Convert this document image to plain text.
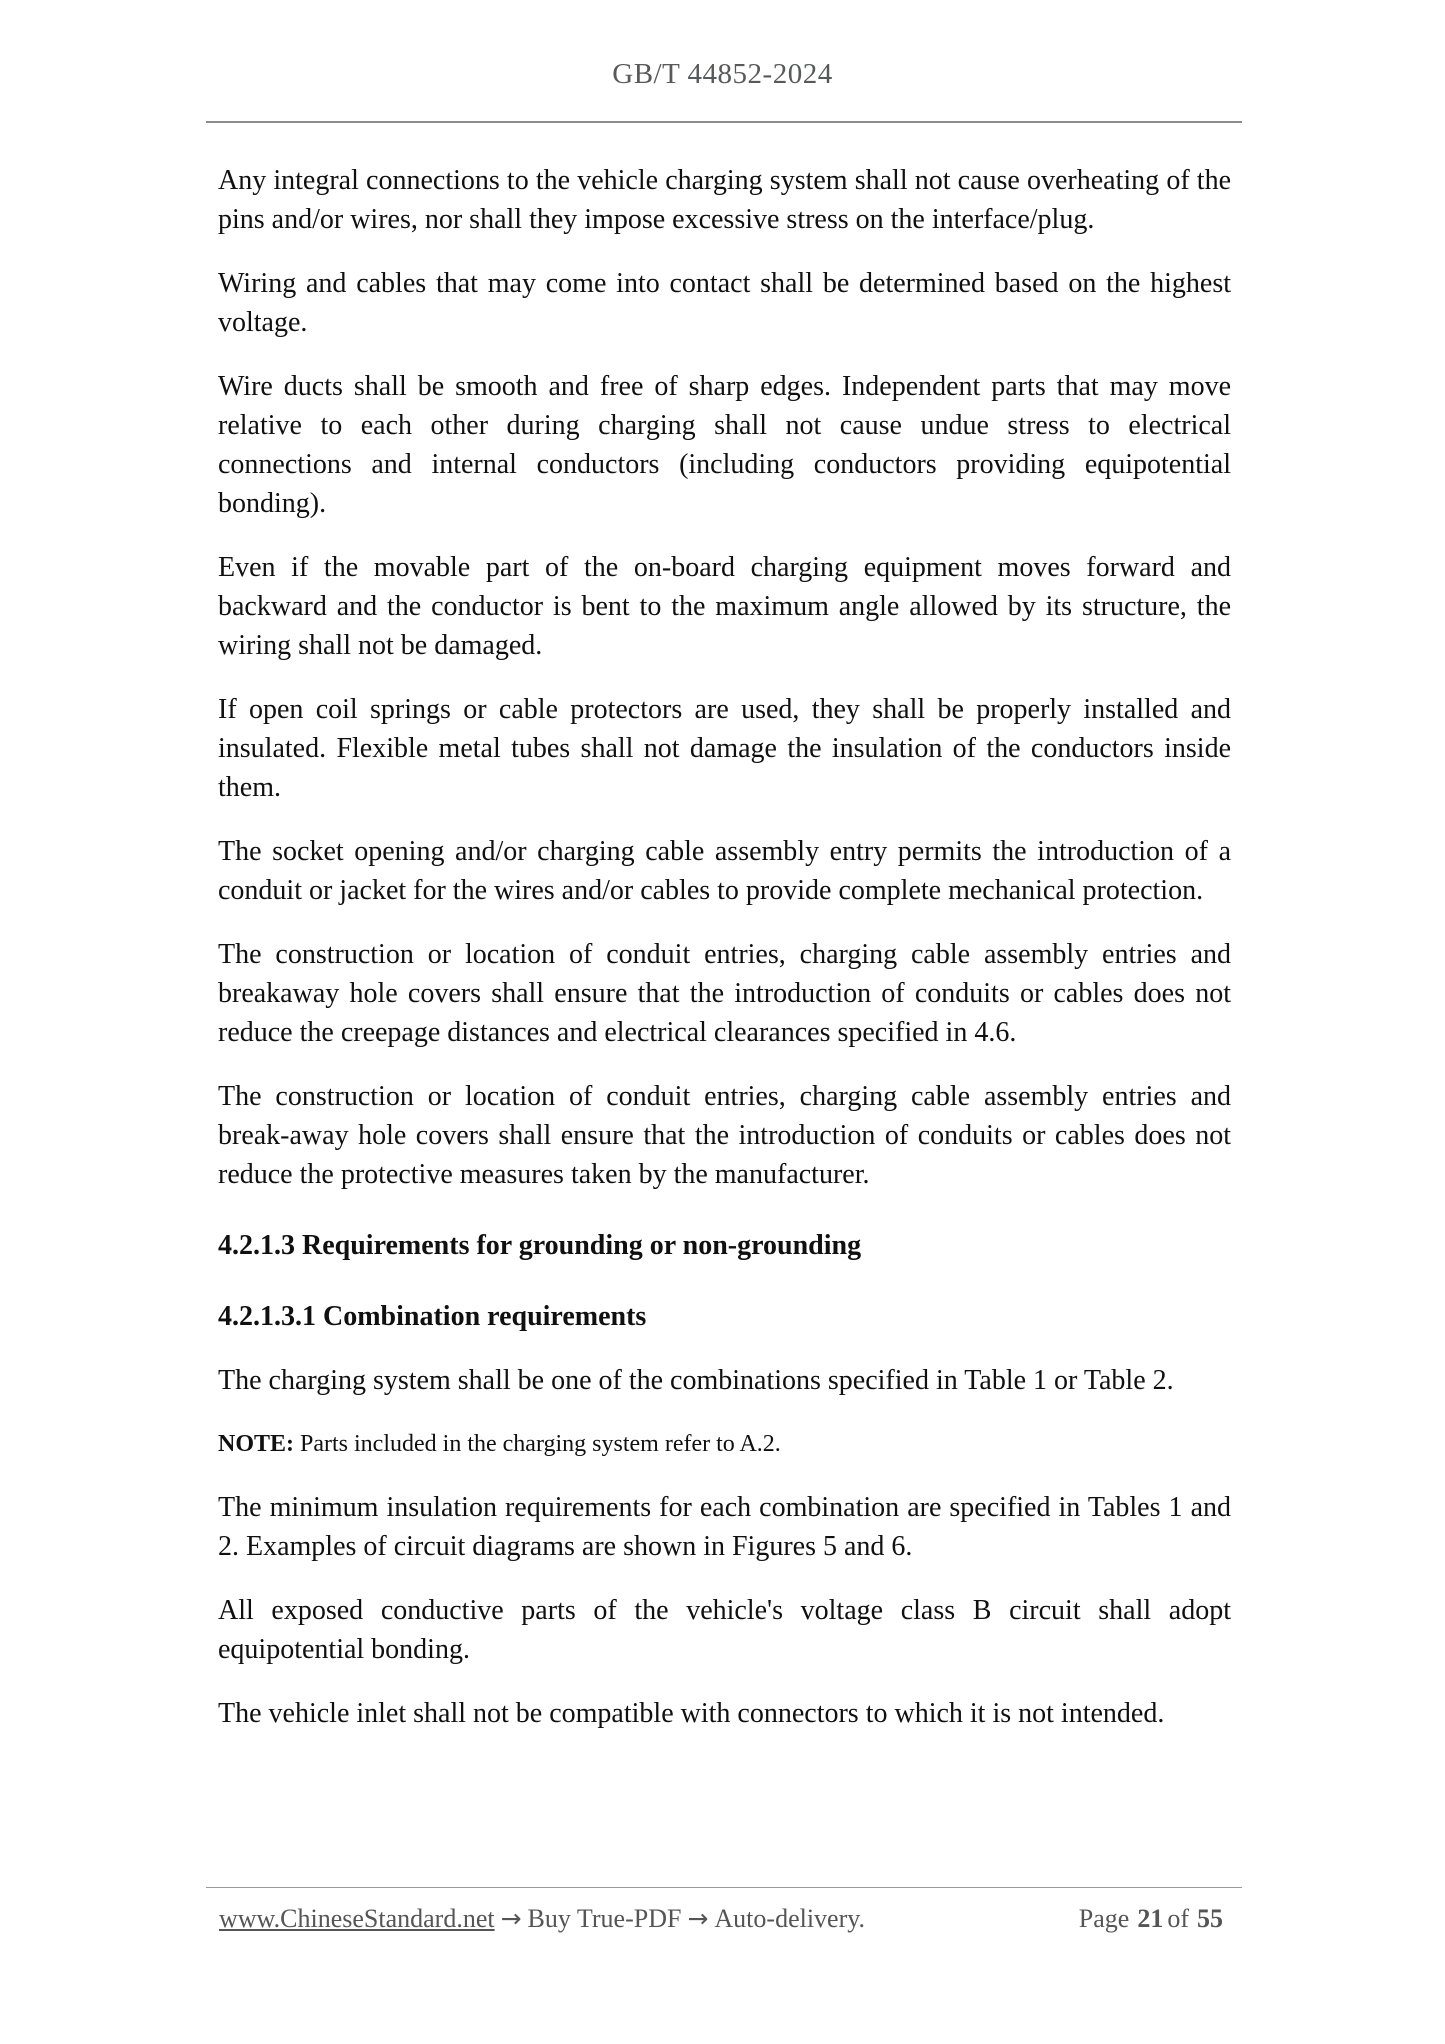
GB/T 44852-2024

Any integral connections to the vehicle charging system shall not cause overheating of the pins and/or wires, nor shall they impose excessive stress on the interface/plug.

Wiring and cables that may come into contact shall be determined based on the highest voltage.

Wire ducts shall be smooth and free of sharp edges. Independent parts that may move relative to each other during charging shall not cause undue stress to electrical connections and internal conductors (including conductors providing equipotential bonding).

Even if the movable part of the on-board charging equipment moves forward and backward and the conductor is bent to the maximum angle allowed by its structure, the wiring shall not be damaged.

If open coil springs or cable protectors are used, they shall be properly installed and insulated. Flexible metal tubes shall not damage the insulation of the conductors inside them.

The socket opening and/or charging cable assembly entry permits the introduction of a conduit or jacket for the wires and/or cables to provide complete mechanical protection.

The construction or location of conduit entries, charging cable assembly entries and breakaway hole covers shall ensure that the introduction of conduits or cables does not reduce the creepage distances and electrical clearances specified in 4.6.

The construction or location of conduit entries, charging cable assembly entries and break-away hole covers shall ensure that the introduction of conduits or cables does not reduce the protective measures taken by the manufacturer.

4.2.1.3 Requirements for grounding or non-grounding
4.2.1.3.1 Combination requirements

The charging system shall be one of the combinations specified in Table 1 or Table 2.

NOTE: Parts included in the charging system refer to A.2.

The minimum insulation requirements for each combination are specified in Tables 1 and 2. Examples of circuit diagrams are shown in Figures 5 and 6.

All exposed conductive parts of the vehicle's voltage class B circuit shall adopt equipotential bonding.

The vehicle inlet shall not be compatible with connectors to which it is not intended.

www.ChineseStandard.net → Buy True-PDF → Auto-delivery.	Page 21 of 55
